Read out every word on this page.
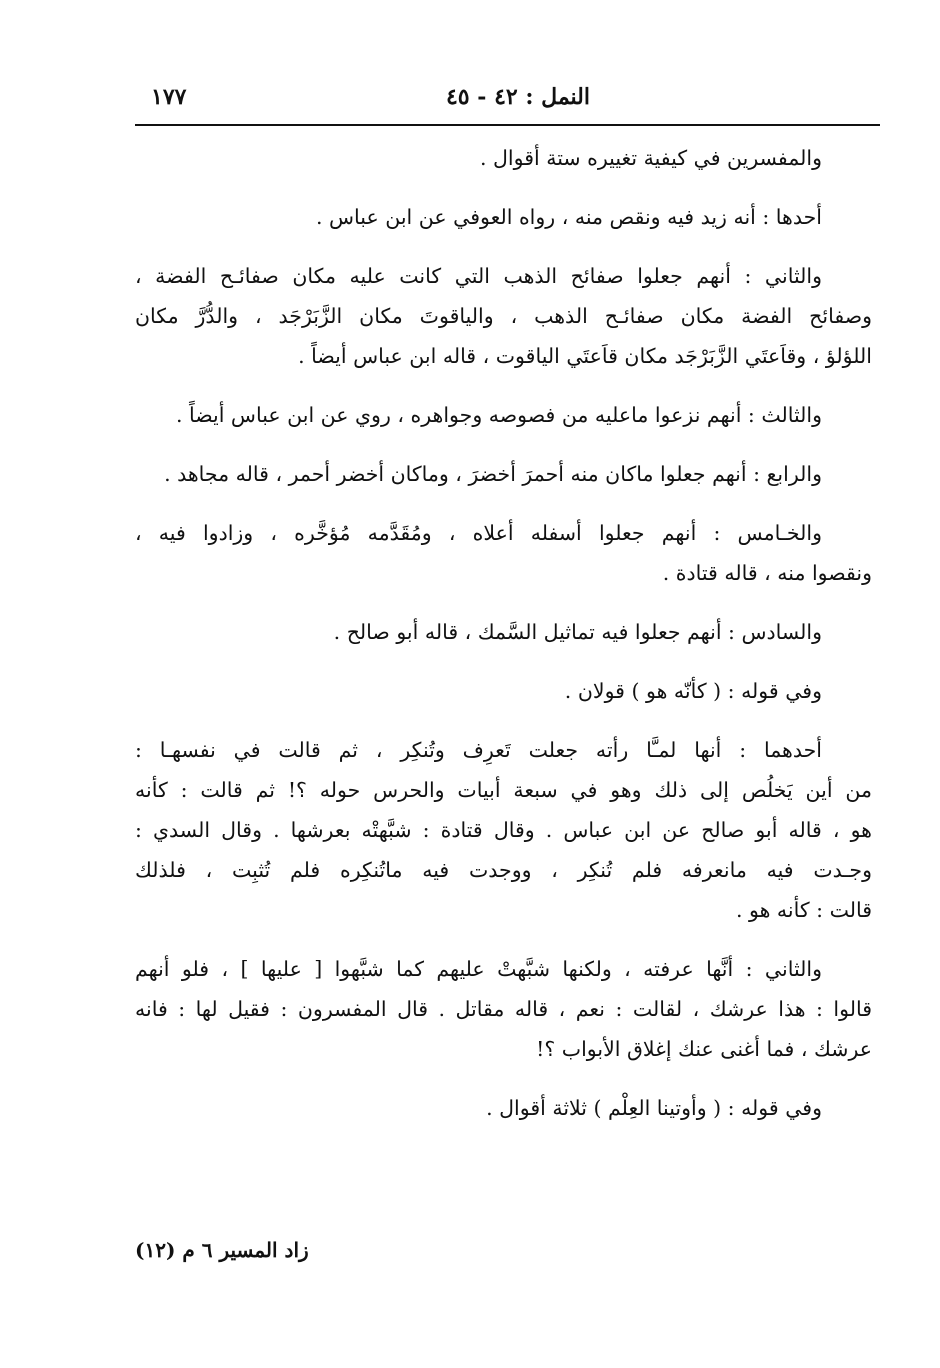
النمل : ٤٢ - ٤٥
١٧٧
والمفسرين في كيفية تغييره ستة أقوال .
أحدها : أنه زيد فيه ونقص منه ، رواه العوفي عن ابن عباس .
والثاني : أنهم جعلوا صفائح الذهب التي كانت عليه مكان صفائـح الفضة ،
وصفائح الفضة مكان صفائـح الذهب ، والياقوتَ مكان الزَّبَرْجَد ، والدُّرَّ مكان
اللؤلؤ ، وقاَعتَي الزَّبَرْجَد مكان قاَعتَي الياقوت ، قاله ابن عباس أيضاً .
والثالث : أنهم نزعوا ماعليه من فصوصه وجواهره ، روي عن ابن عباس أيضاً .
والرابع : أنهم جعلوا ماكان منه أحمرَ أخضرَ ، وماكان أخضر أحمر ، قاله مجاهد .
والخـامس : أنهم جعلوا أسفله أعلاه ، ومُقَدَّمه مُؤخَّره ، وزادوا فيه ،
ونقصوا منه ، قاله قتادة .
والسادس : أنهم جعلوا فيه تماثيل السَّمك ، قاله أبو صالح .
وفي قوله : ( كأنّه هو ) قولان .
أحدهما : أنها لمـَّا رأته جعلت تَعرِف وتُنكِر ، ثم قالت في نفسهـا :
من أين يَخلُص إلى ذلك وهو في سبعة أبيات والحرس حوله ؟! ثم قالت : كأنه
هو ، قاله أبو صالح عن ابن عباس . وقال قتادة : شبَّهتْه بعرشها . وقال السدي :
وجـدت فيه مانعرفه فلم تُنكِر ، ووجدت فيه ماتُنكِره فلم تُثبِت ، فلذلك
قالت : كأنه هو .
والثاني : أنَّها عرفته ، ولكنها شبَّهتْ عليهم كما شبَّهوا [ عليها ] ، فلو أنهم
قالوا : هذا عرشك ، لقالت : نعم ، قاله مقاتل . قال المفسرون : فقيل لها : فانه
عرشك ، فما أغنى عنك إغلاق الأبواب ؟!
وفي قوله : ( وأوتينا العِلْم ) ثلاثة أقوال .
زاد المسير ٦ م (١٢)
